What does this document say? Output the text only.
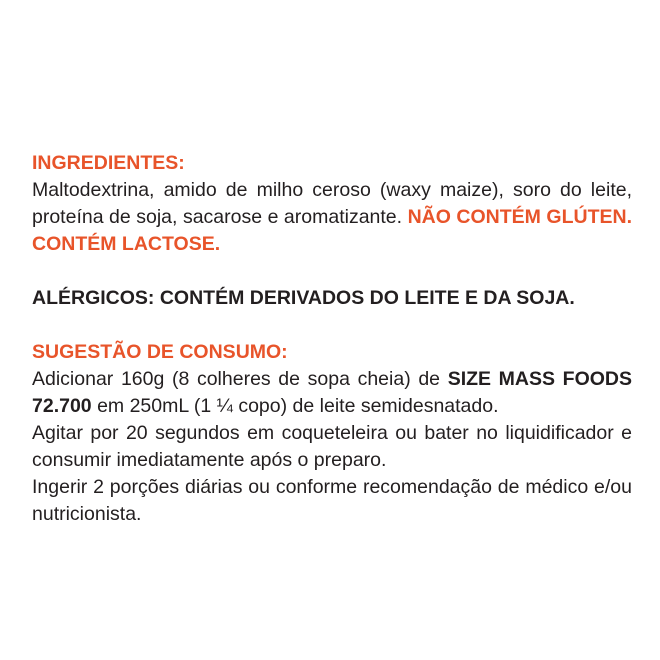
INGREDIENTES:

Maltodextrina, amido de milho ceroso (waxy maize), soro do leite, proteína de soja, sacarose e aromatizante. NÃO CONTÉM GLÚTEN. CONTÉM LACTOSE.

ALÉRGICOS: CONTÉM DERIVADOS DO LEITE E DA SOJA.

SUGESTÃO DE CONSUMO:

Adicionar 160g (8 colheres de sopa cheia) de SIZE MASS FOODS 72.700 em 250mL (1 ¼ copo) de leite semidesnatado.

Agitar por 20 segundos em coqueteleira ou bater no liquidificador e consumir imediatamente após o preparo.

Ingerir 2 porções diárias ou conforme recomendação de médico e/ou nutricionista.
